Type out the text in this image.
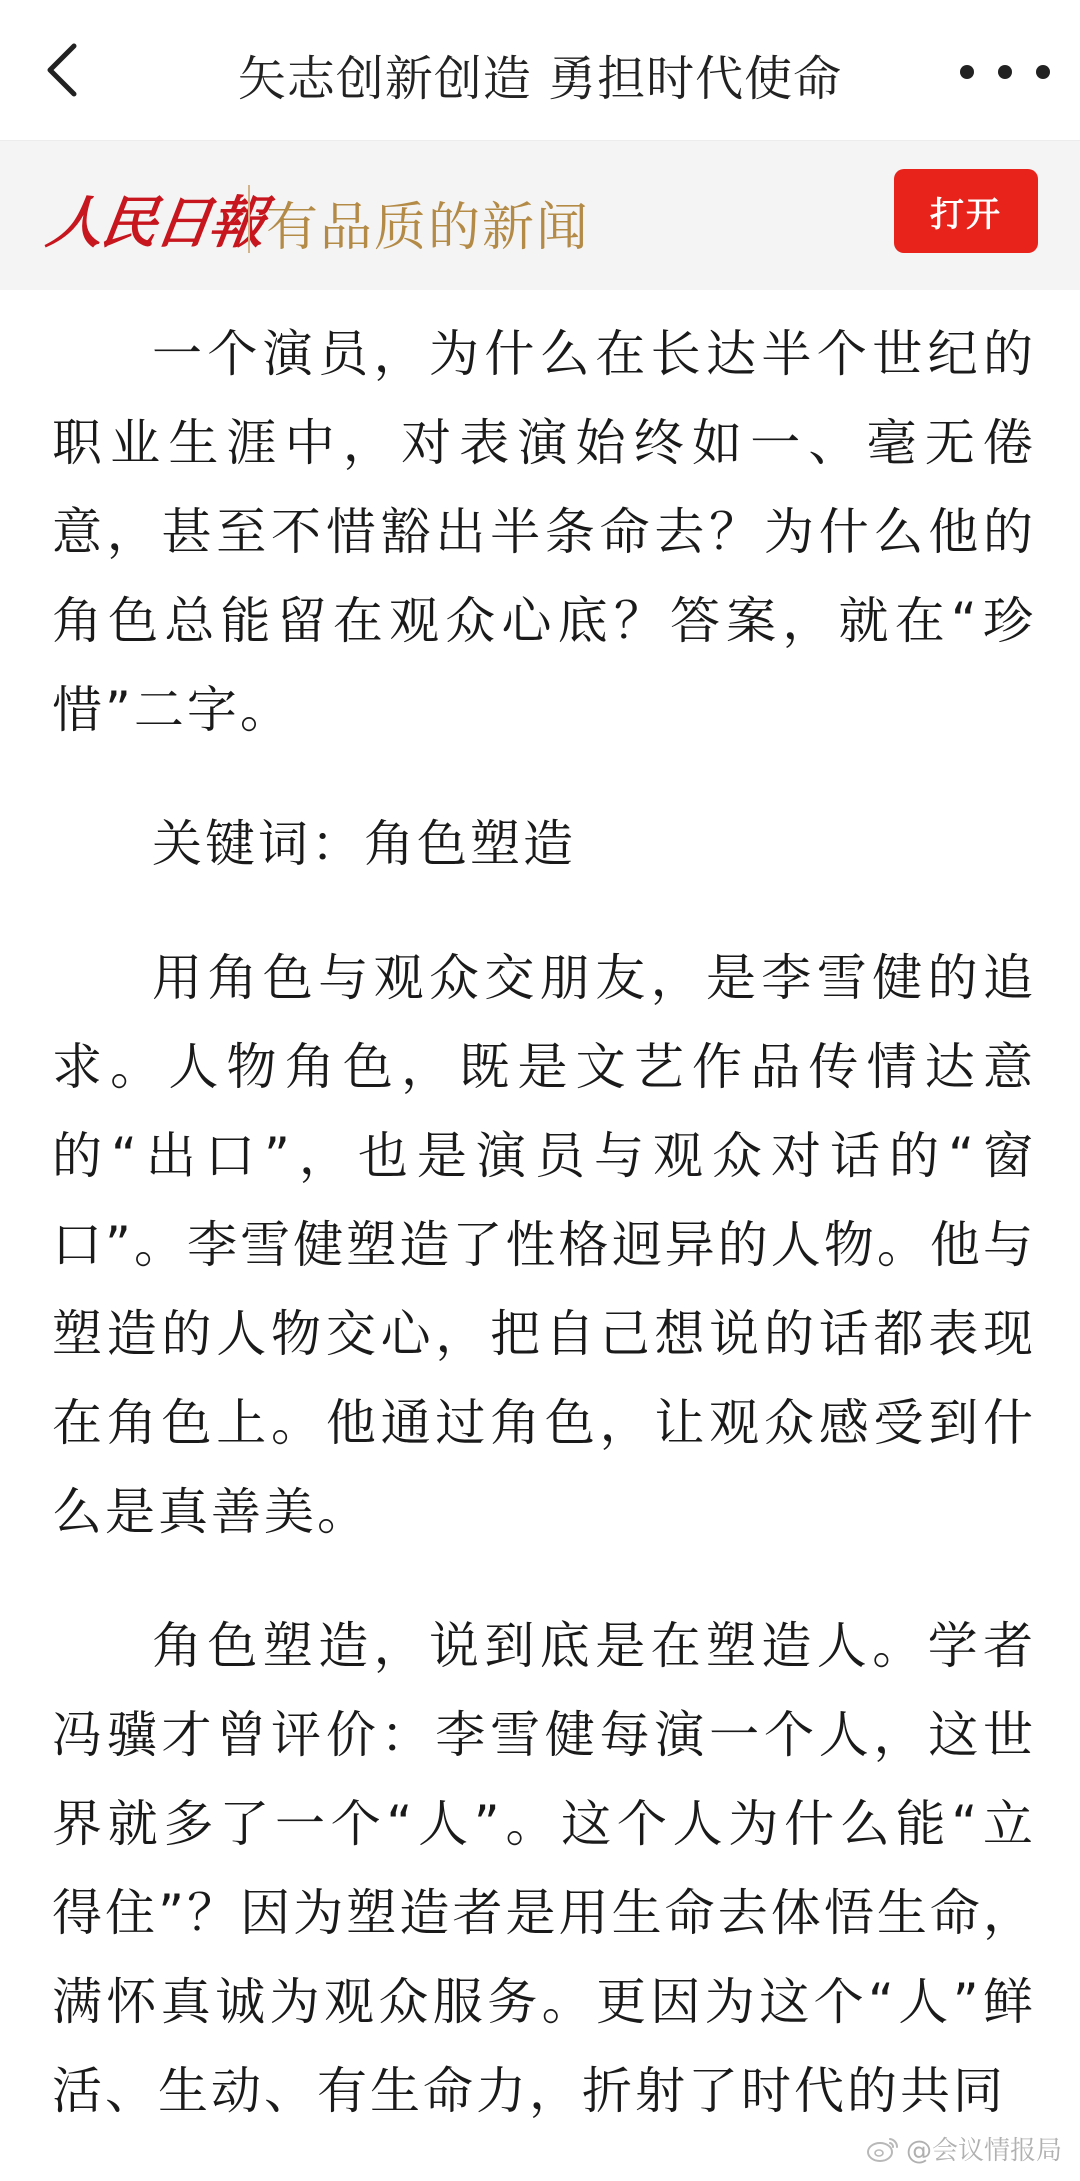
矢志创新创造 勇担时代使命
人民日報
有品质的新闻	打开

一个演员，为什么在长达半个世纪的职业生涯中，对表演始终如一、毫无倦意，甚至不惜豁出半条命去？为什么他的角色总能留在观众心底？答案，就在“珍惜”二字。

关键词：角色塑造

用角色与观众交朋友，是李雪健的追求。人物角色，既是文艺作品传情达意的“出口”，也是演员与观众对话的“窗口”。李雪健塑造了性格迥异的人物。他与塑造的人物交心，把自己想说的话都表现在角色上。他通过角色，让观众感受到什么是真善美。

角色塑造，说到底是在塑造人。学者冯骥才曾评价：李雪健每演一个人，这世界就多了一个“人”。这个人为什么能“立得住”？因为塑造者是用生命去体悟生命，满怀真诚为观众服务。更因为这个“人”鲜活、生动、有生命力，折射了时代的共同

@会议情报局
